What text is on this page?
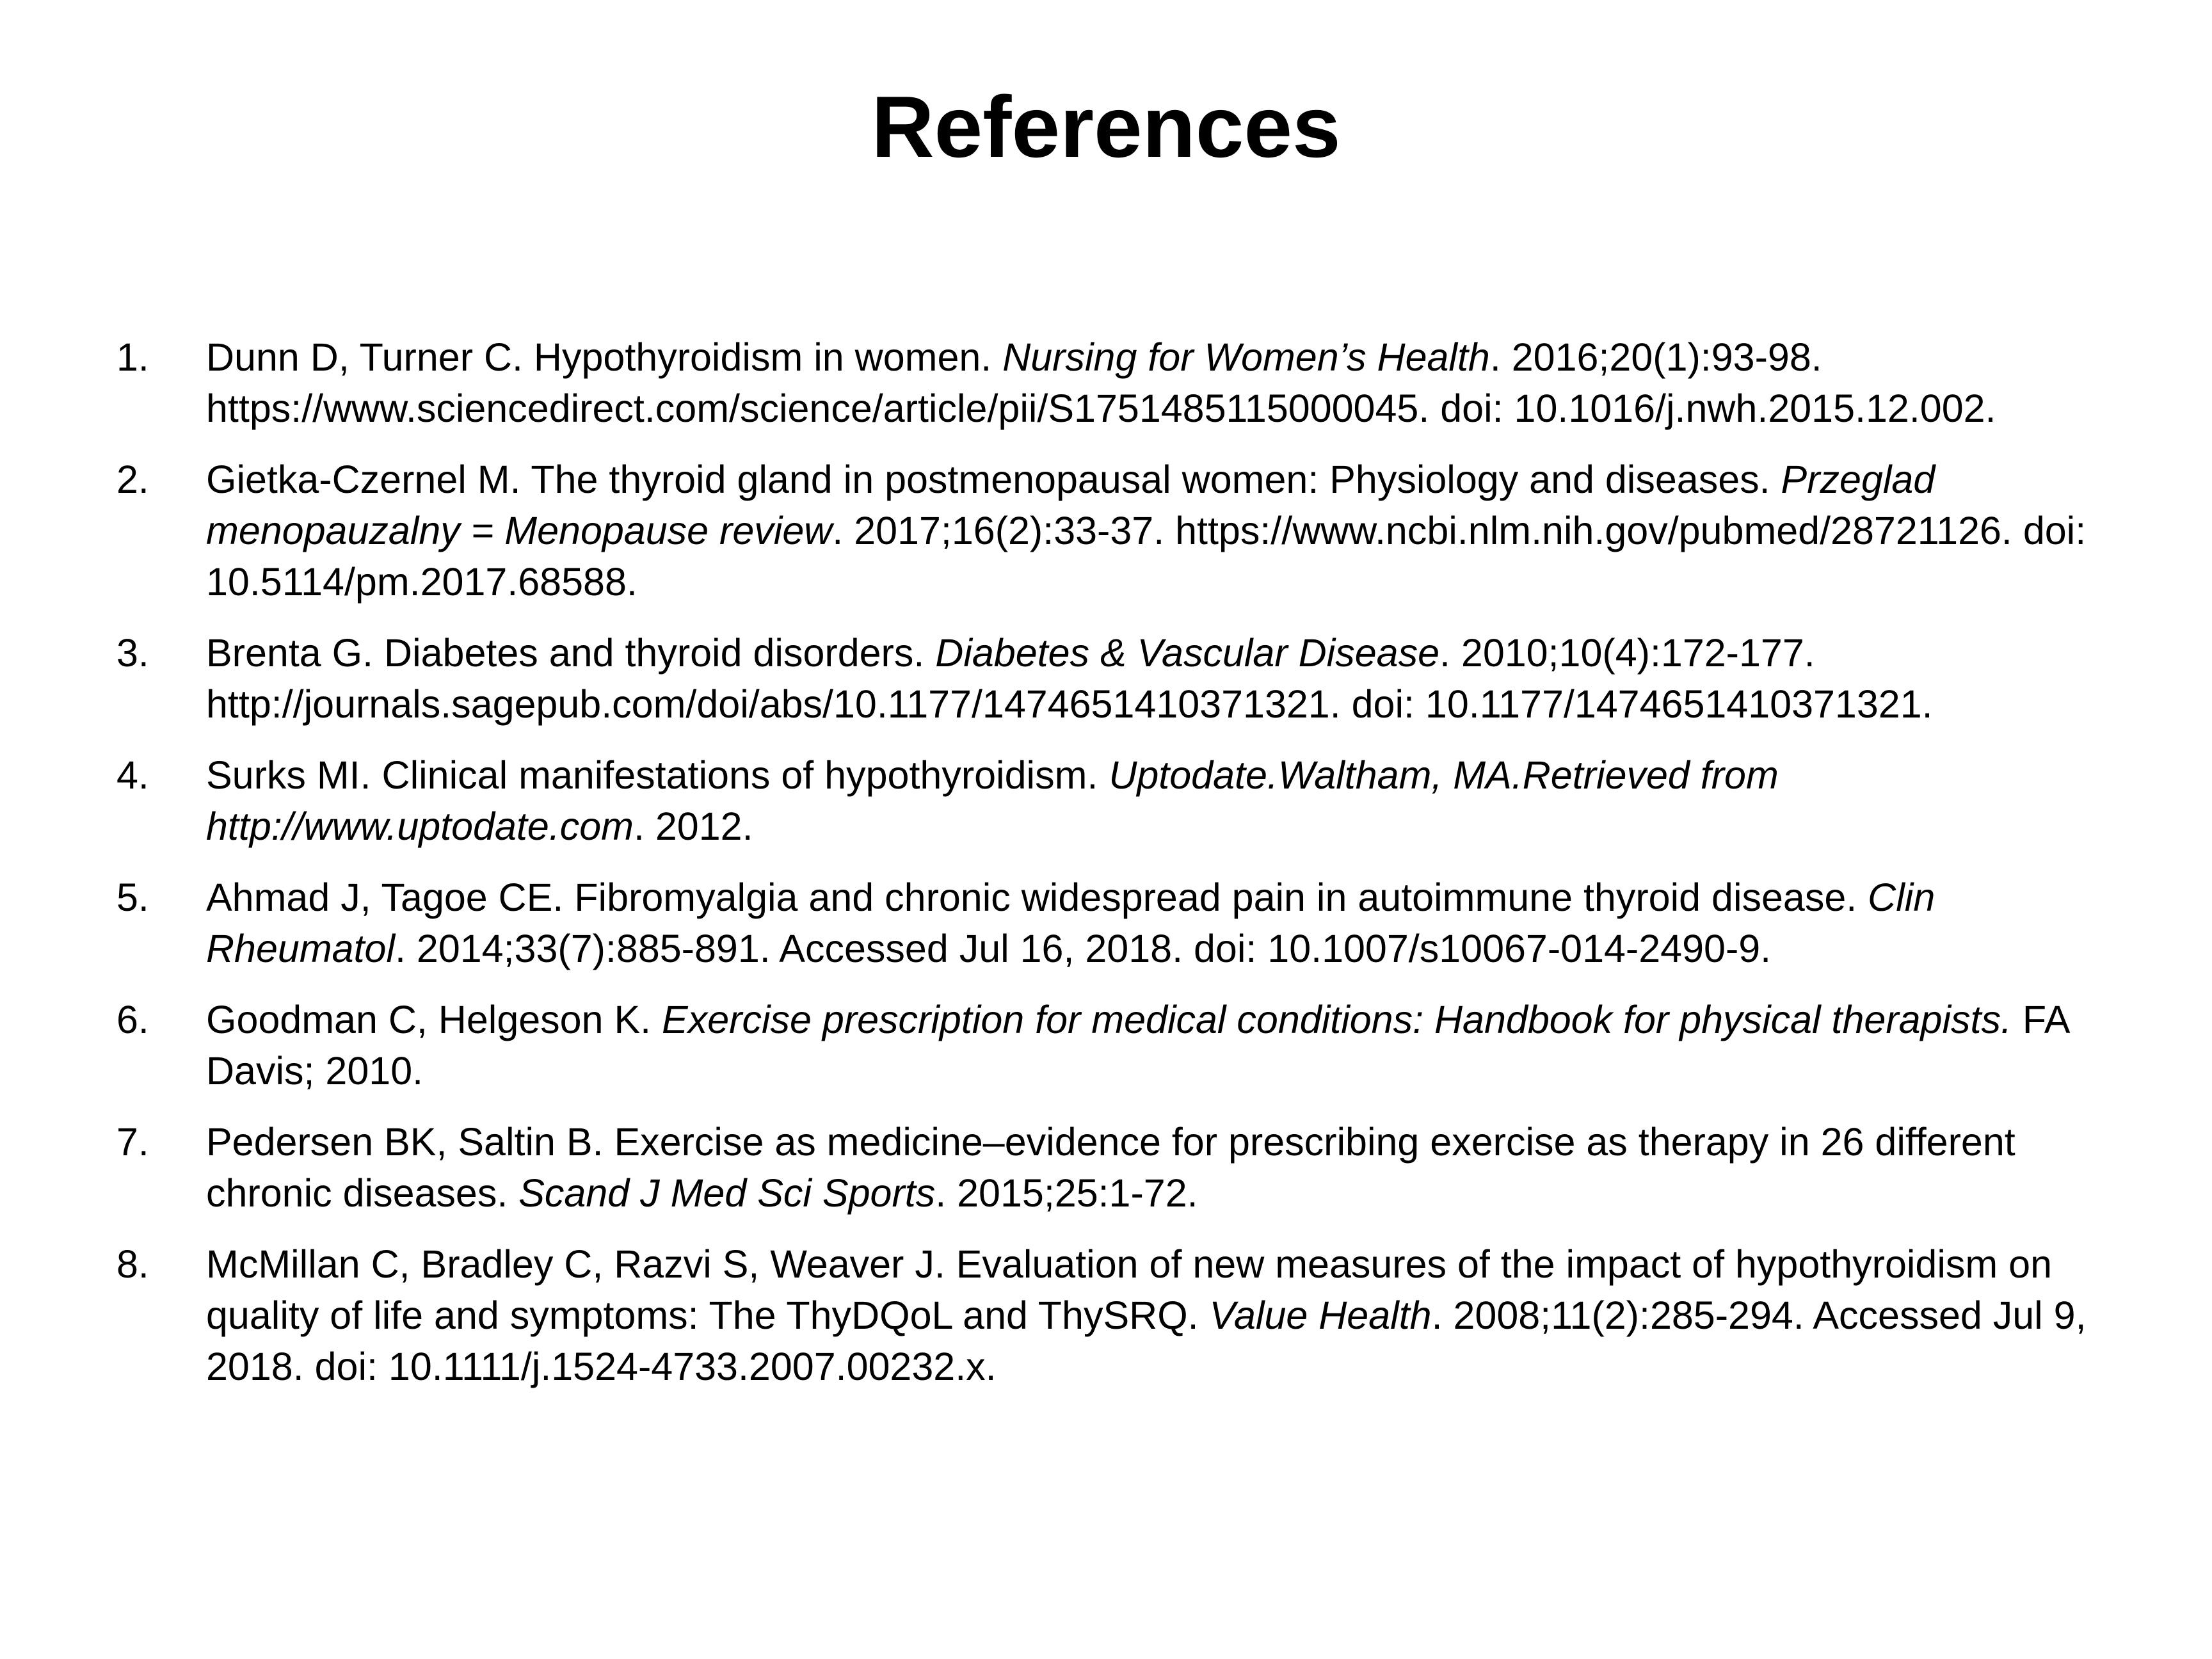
References
1. Dunn D, Turner C. Hypothyroidism in women. Nursing for Women’s Health. 2016;20(1):93-98. https://www.sciencedirect.com/science/article/pii/S1751485115000045. doi: 10.1016/j.nwh.2015.12.002.
2. Gietka-Czernel M. The thyroid gland in postmenopausal women: Physiology and diseases. Przeglad menopauzalny = Menopause review. 2017;16(2):33-37. https://www.ncbi.nlm.nih.gov/pubmed/28721126. doi: 10.5114/pm.2017.68588.
3. Brenta G. Diabetes and thyroid disorders. Diabetes & Vascular Disease. 2010;10(4):172-177. http://journals.sagepub.com/doi/abs/10.1177/1474651410371321. doi: 10.1177/1474651410371321.
4. Surks MI. Clinical manifestations of hypothyroidism. Uptodate.Waltham, MA.Retrieved from http://www.uptodate.com. 2012.
5. Ahmad J, Tagoe CE. Fibromyalgia and chronic widespread pain in autoimmune thyroid disease. Clin Rheumatol. 2014;33(7):885-891. Accessed Jul 16, 2018. doi: 10.1007/s10067-014-2490-9.
6. Goodman C, Helgeson K. Exercise prescription for medical conditions: Handbook for physical therapists. FA Davis; 2010.
7. Pedersen BK, Saltin B. Exercise as medicine–evidence for prescribing exercise as therapy in 26 different chronic diseases. Scand J Med Sci Sports. 2015;25:1-72.
8. McMillan C, Bradley C, Razvi S, Weaver J. Evaluation of new measures of the impact of hypothyroidism on quality of life and symptoms: The ThyDQoL and ThySRQ. Value Health. 2008;11(2):285-294. Accessed Jul 9, 2018. doi: 10.1111/j.1524-4733.2007.00232.x.
